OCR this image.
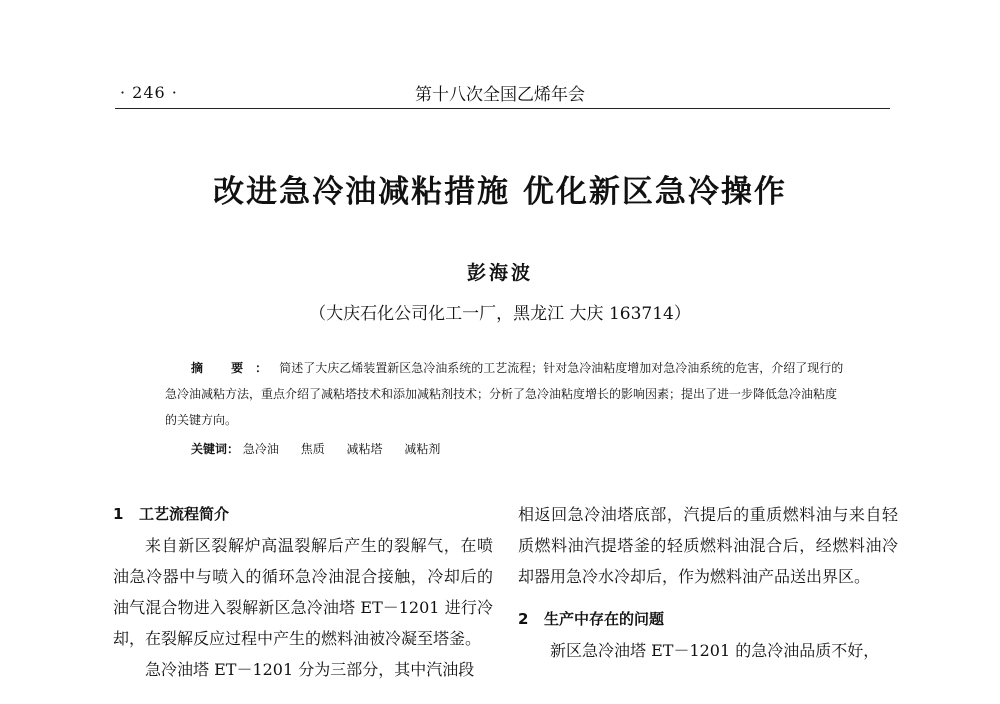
· 246 ·	第十八次全国乙烯年会
改进急冷油减粘措施 优化新区急冷操作
彭海波
（大庆石化公司化工一厂，黑龙江 大庆 163714）
摘 要：简述了大庆乙烯装置新区急冷油系统的工艺流程；针对急冷油粘度增加对急冷油系统的危害，介绍了现行的急冷油减粘方法，重点介绍了减粘塔技术和添加减粘剂技术；分析了急冷油粘度增长的影响因素；提出了进一步降低急冷油粘度的关键方向。
关键词： 急冷油 焦质 减粘塔 减粘剂
1 工艺流程简介

来自新区裂解炉高温裂解后产生的裂解气，在喷油急冷器中与喷入的循环急冷油混合接触，冷却后的油气混合物进入裂解新区急冷油塔 ET－1201 进行冷却，在裂解反应过程中产生的燃料油被冷凝至塔釜。

急冷油塔 ET－1201 分为三部分，其中汽油段

相返回急冷油塔底部，汽提后的重质燃料油与来自轻质燃料油汽提塔釜的轻质燃料油混合后，经燃料油冷却器用急冷水冷却后，作为燃料油产品送出界区。

2 生产中存在的问题

新区急冷油塔 ET－1201 的急冷油品质不好，
